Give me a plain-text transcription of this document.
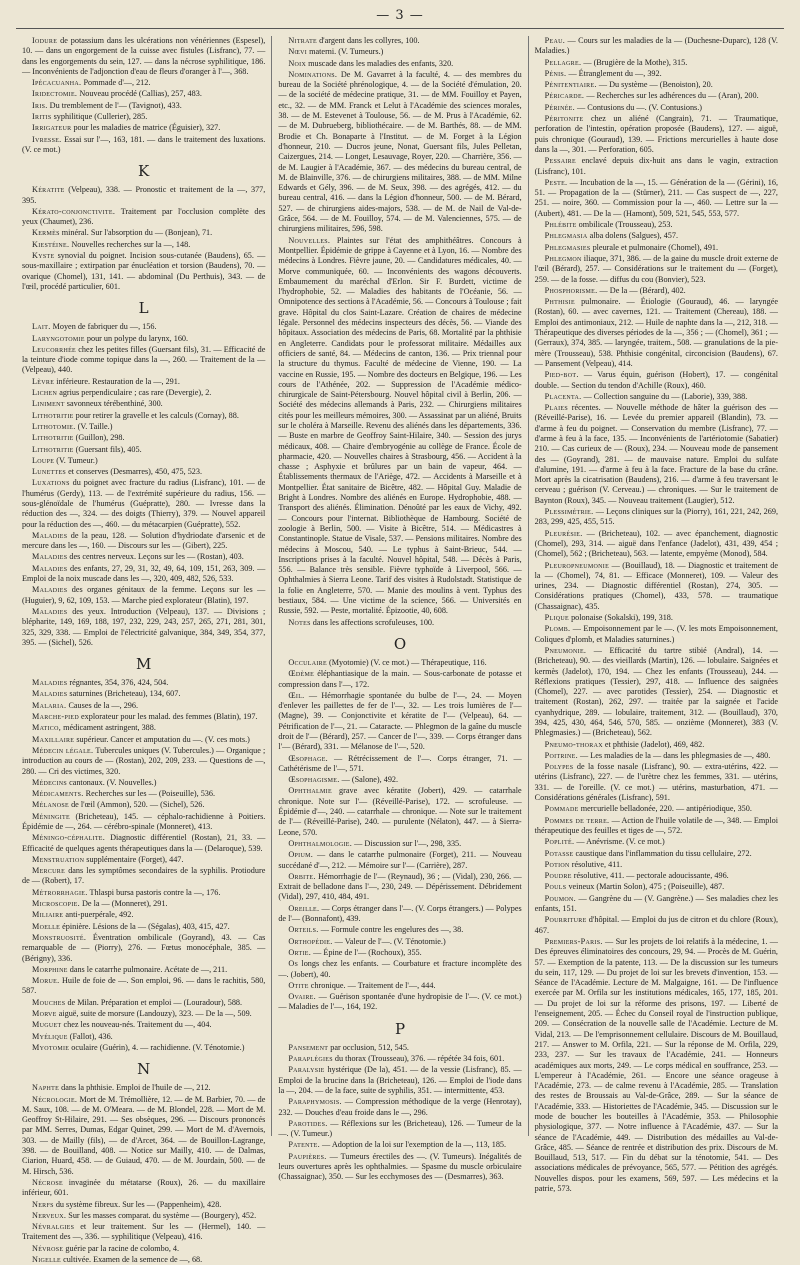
— 3 —

Iodure de potassium dans les ulcérations non vénériennes (Espesel), 10. — dans un engorgement de la cuisse avec fistules (Lisfranc), 77. — dans les engorgements du sein, 127. — dans la nécrose syphilitique, 186. — Inconvénients de l'adjonction d'eau de fleurs d'oranger à l'—, 368.

Ipécacuanha. Pommade d'—, 212.

Iridectomie. Nouveau procédé (Callias), 257, 483.

Iris. Du tremblement de l'— (Tavignot), 433.

Iritis syphilitique (Cullerier), 285.

Irrigateur pour les maladies de matrice (Éguisier), 327.

Ivresse. Essai sur l'—, 163, 181. — dans le traitement des luxations. (V. ce mot.)

K

Kératite (Velpeau), 338. — Pronostic et traitement de la —, 377, 395.

Kérato-conjonctivite. Traitement par l'occlusion complète des yeux (Chaumet), 236.

Kermès minéral. Sur l'absorption du — (Bonjean), 71.

Kiestéine. Nouvelles recherches sur la —, 148.

Kyste synovial du poignet. Incision sous-cutanée (Baudens), 65. — sous-maxillaire ; extirpation par énucléation et torsion (Baudens), 70. — ovarique (Chomel), 131, 141. — abdominal (Du Perthuis), 343. — de l'œil, procédé particulier, 601.

L

Lait. Moyen de fabriquer du —, 156.

Laryngotomie pour un polype du larynx, 160.

Leucorrhée chez les petites filles (Guersant fils), 31. — Efficacité de la teinture d'iode comme topique dans la —, 260. — Traitement de la — (Velpeau), 440.

Lèvre inférieure. Restauration de la —, 291.

Lichen agrius perpendiculaire ; cas rare (Devergie), 2.

Liniment savonneux térébenthiné, 300.

Lithotritie pour retirer la gravelle et les calculs (Cornay), 88.

Lithotomie. (V. Taille.)

Lithotritie (Guillon), 298.

Lithotritie (Guersant fils), 405.

Loupe (V. Tumeur.)

Lunettes et conserves (Desmarres), 450, 475, 523.

Luxations du poignet avec fracture du radius (Lisfranc), 101. — de l'humérus (Gerdy), 113. — de l'extrémité supérieure du radius, 156. — sous-glénoïdale de l'humérus (Guépratte), 280. — Ivresse dans la réduction des —, 324. — des doigts (Thierry), 379. — Nouvel appareil pour la réduction des —, 460. — du métacarpien (Guépratte), 552.

Maladies de la peau, 128. — Solution d'hydriodate d'arsenic et de mercure dans les —, 160. — Discours sur les — (Gibert), 225.

Maladies des centres nerveux. Leçons sur les — (Rostan), 403.

Maladies des enfants, 27, 29, 31, 32, 49, 64, 109, 151, 263, 309. — Emploi de la noix muscade dans les —, 320, 409, 482, 526, 533.

Maladies des organes génitaux de la femme. Leçons sur les — (Huguier), 9, 62, 109, 153. — Marche pied explorateur (Blatin), 197.

Maladies des yeux. Introduction (Velpeau), 137. — Divisions ; blépharite, 149, 169, 188, 197, 232, 229, 243, 257, 265, 271, 281, 301, 325, 329, 338. — Emploi de l'électricité galvanique, 384, 349, 354, 377, 395. — (Sichel), 526.

M

Maladies régnantes, 354, 376, 424, 504.

Maladies saturnines (Bricheteau), 134, 607.

Malaria. Causes de la —, 296.

Marche-pied explorateur pour les malad. des femmes (Blatin), 197.

Matico, médicament astringent, 388.

Maxillaire supérieur. Cancer et amputation du —. (V. ces mots.)

Médecin légale. Tubercules uniques (V. Tubercules.) — Organique ; introduction au cours de — (Rostan), 202, 209, 233. — Questions de —, 280. — Cri des victimes, 320.

Médecins cantonaux. (V. Nouvelles.)

Médicaments. Recherches sur les — (Poiseuille), 536.

Mélanose de l'œil (Ammon), 520. — (Sichel), 526.

Méningite (Bricheteau), 145. — céphalo-rachidienne à Poitiers. Épidémie de —, 264. — cérébro-spinale (Monneret), 413.

Méningo-céphalite. Diagnostic différentiel (Rostan), 21, 33. — Efficacité de quelques agents thérapeutiques dans la — (Delaroque), 539.

Menstruation supplémentaire (Forget), 447.

Mercure dans les symptômes secondaires de la syphilis. Protiodure de — (Robert), 17.

Métrorrhagie. Thlaspi bursa pastoris contre la —, 176.

Microscopie. De la — (Monneret), 291.

Miliaire anti-puerpérale, 492.

Moelle épinière. Lésions de la — (Ségalas), 403, 415, 427.

Monstruosité. Éventration ombilicale (Goyrand), 43. — Cas remarquable de — (Piorry), 276. — Fœtus monocéphale, 385. — (Bérigny), 336.

Morphine dans le catarrhe pulmonaire. Acétate de —, 211.

Morue. Huile de foie de —. Son emploi, 96. — dans le rachitis, 580, 587.

Mouches de Milan. Préparation et emploi — (Louradour), 588.

Morve aiguë, suite de morsure (Landouzy), 323. — De la —, 509.

Muguet chez les nouveau-nés. Traitement du —, 404.

Myélique (Fallot), 436.

Myotomie oculaire (Guérin), 4. — rachidienne. (V. Ténotomie.)

N

Naphte dans la phthisie. Emploi de l'huile de —, 212.

Nécrologie. Mort de M. Trémollière, 12. — de M. Barbier, 70. — de M. Saux, 108. — de M. O'Meara. — de M. Blondel, 228. — Mort de M. Geoffroy St-Hilaire, 291. — Ses obsèques, 296. — Discours prononcés par MM. Serres, Dumas, Edgar Quinet, 299. — Mort de M. d'Avernois, 303. — de Mailly (fils), — de d'Arcet, 364. — de Bouillon-Lagrange, 398. — de Bouilland, 408. — Notice sur Mailly, 410. — de Dalmas, Ciarion, Huard, 458. — de Guiaud, 470. — de M. Jourdain, 500. — de M. Hirsch, 536.

Nécrose invaginée du métatarse (Roux), 26. — du maxillaire inférieur, 601.

Nerfs du système fibreux. Sur les — (Pappenheim), 428.

Nerveux. Sur les masses comparat. du système — (Bourgery), 452.

Névralgies et leur traitement. Sur les — (Hermel), 140. — Traitement des —, 336. — syphilitique (Velpeau), 416.

Névrose guérie par la racine de colombo, 4.

Nigelle cultivée. Examen de la semence de —, 68.

Nitrate d'argent dans les collyres, 100.

Nœvi materni. (V. Tumeurs.)

Noix muscade dans les maladies des enfants, 320.

Nominations. De M. Gavarret à la faculté, 4. — des membres du bureau de la Société phrénologique, 4. — de la Société d'émulation, 20. — de la société de médecine pratique, 31. — de MM. Fouilloy et Payen, etc., 32. — de MM. Franck et Lelut à l'Académie des sciences morales, 38. — de M. Estevenet à Toulouse, 56. — de M. Prus à l'Académie, 62. — de M. Dubrueberg, bibliothécaire. — de M. Barthés, 88. — de MM. Brodie et Ch. Bonaparte à l'Institut. — de M. Forget à la Légion d'honneur, 210. — Ducros jeune, Nonat, Guersant fils, Jules Pelletan, Caizergues, 214. — Longet, Lesauvage, Royer, 220. — Charrière, 356. — de M. Laugier à l'Académie, 367. — des médecins du bureau central, de M. de Blainville, 376. — de chirurgiens militaires, 388. — de MM. Milne Edwards et Gély, 396. — de M. Seux, 398. — des agrégés, 412. — du bureau central, 416. — dans la Légion d'honneur, 500. — de M. Bérard, 527. — de chirurgiens aides-majors, 538. — de M. de Nail de Val-de-Grâce, 564. — de M. Fouilloy, 574. — de M. Valenciennes, 575. — de chirurgiens militaires, 596, 598.

Nouvelles. Plaintes sur l'état des amphithéâtres. Concours à Montpellier. Épidémie de grippe à Cayenne et à Lyon, 16. — Nombre des médecins à Londres. Fièvre jaune, 20. — Candidatures médicales, 40. — Morve communiquée, 60. — Inconvénients des wagons découverts. Embaumement du maréchal d'Erlon. Sir F. Burdett, victime de l'hydrophobie, 52. — Maladies des habitants de l'Océanie, 56. — Omnipotence des sections à l'Académie, 56. — Concours à Toulouse ; fait grave. Hôpital du clos Saint-Lazare. Création de chaires de médecine légale. Personnel des médecins inspecteurs des décès, 56. — Viande des hôpitaux. Association des médecins de Paris, 68. Mortalité par la phthisie en Angleterre. Candidats pour le professorat militaire. Médailles aux officiers de santé, 84. — Médecins de canton, 136. — Prix triennal pour la structure du thymus. Faculté de médecine de Vienne, 190. — La vaccine en Russie, 195. — Nombre des docteurs en Belgique, 196. — Les cours de l'Athénée, 202. — Suppression de l'Académie médico-chirurgicale de Saint-Pétersbourg. Nouvel hôpital civil à Berlin, 206. — Société des médecins allemands à Paris, 232. — Chirurgiens militaires cités pour les meilleurs mémoires, 300. — Assassinat par un aliéné, Bruits sur le choléra à Marseille. Revenu des aliénés dans les départements, 336. — Buste en marbre de Geoffroy Saint-Hilaire, 340. — Session des jurys médicaux, 408. — Chaire d'embryogénie au collège de France. École de pharmacie, 420. — Nouvelles chaires à Strasbourg, 456. — Accident à la chasse ; Asphyxie et brûlures par un bain de vapeur, 464. — Établissements thermaux de l'Ariège, 472. — Accidents à Marseille et à Montpellier. État sanitaire de Bicêtre, 482. — Hôpital Guy. Maladie de Bright à Londres. Nombre des aliénés en Europe. Hydrophobie, 488. — Transport des aliénés. Élimination. Dénoûté par les eaux de Vichy, 492. — Concours pour l'internat. Bibliothèque de Hambourg. Société de zoologie à Berlin, 500. — Visite à Bicêtre, 514. — Médicastres à Constantinople. Statue de Visale, 537. — Pensions militaires. Nombre des médecins à Moscou, 540. — Le typhus à Saint-Brieuc, 544. — Inscriptions prises à la faculté. Nouvel hôpital, 548. — Décès à Paris, 556. — Balance très sensible. Fièvre typhoïde à Liverpool, 566. — Ophthalmies à Sierra Leone. Tarif des visites à Rudolstadt. Statistique de la folie en Angleterre, 570. — Manie des moulins à vent. Typhus des bestiaux, 584. — Une victime de la science, 566. — Universités en Russie, 592. — Peste, mortalité. Épizootie, 40, 608.

Notes dans les affections scrofuleuses, 100.

O

Occulaire (Myotomie) (V. ce mot.) — Thérapeutique, 116.

Œdème éléphantiasique de la main. — Sous-carbonate de potasse et compression dans l'—, 172.

Œil. — Hémorrhagie spontanée du bulbe de l'—, 24. — Moyen d'enlever les paillettes de fer de l'—, 32. — Les trois lumières de l'— (Magne), 39. — Conjonctivite et kératite de l'— (Velpeau), 64. — Pétrification de l'—, 21. — Cataracte. — Phlegmon de la gaîne du muscle droit de l'— (Bérard), 257. — Cancer de l'—, 339. — Corps étranger dans l'— (Bérard), 331. — Mélanose de l'—, 520.

Œsophage. — Rétrécissement de l'—. Corps étranger, 71. — Cathétérisme de l'—, 571.

Œsophagisme. — (Salone), 492.

Ophthalmie grave avec kératite (Jobert), 429. — catarrhale chronique. Note sur l'— (Réveillé-Parise), 172. — scrofuleuse. — Épidémie d'—, 240. — catarrhale — chronique. — Note sur le traitement de l'— (Réveillé-Parise), 240. — purulente (Nélaton), 447. — à Sierra-Leone, 570.

Ophthalmologie. — Discussion sur l'—, 298, 335.

Opium. — dans le catarrhe pulmonaire (Forget), 211. — Nouveau succédané d'—, 212. — Mémoire sur l'— (Carrière), 287.

Orbite. Hémorrhagie de l'— (Reynaud), 36 ; — (Vidal), 230, 266. — Extrait de belladone dans l'—, 230, 249. — Dépérissement. Débridement (Vidal), 297, 410, 484, 491.

Oreille. — Corps étranger dans l'—. (V. Corps étrangers.) — Polypes de l'— (Bonnafont), 439.

Orteils. — Formule contre les engelures des —, 38.

Orthopédie. — Valeur de l'—. (V. Ténotomie.)

Ortie. — Épine de l'— (Rochoux), 355.

Os longs chez les enfants. — Courbature et fracture incomplète des —. (Jobert), 40.

Otite chronique. — Traitement de l'—, 444.

Ovaire. — Guérison spontanée d'une hydropisie de l'—. (V. ce mot.) — Maladies de l'—, 164, 192.

P

Pansement par occlusion, 512, 545.

Paraplégies du thorax (Trousseau), 376. — répétée 34 fois, 601.

Paralysie hystérique (De la), 451. — de la vessie (Lisfranc), 85. — Emploi de la brucine dans la (Bricheteau), 126. — Emploi de l'iode dans la —, 204. — de la face, suite de syphilis, 351. — intermittente, 453.

Paraphymosis. — Compression méthodique de la verge (Henrotay), 232. — Douches d'eau froide dans le —, 296.

Parotides. — Réflexions sur les (Bricheteau), 126. — Tumeur de la —. (V. Tumeur.)

Patente. — Adoption de la loi sur l'exemption de la —, 113, 185.

Paupières. — Tumeurs érectiles des —. (V. Tumeurs). Inégalités de leurs ouvertures après les ophthalmies. — Spasme du muscle orbiculaire (Chassaignac), 350. — Sur les ecchymoses des — (Desmarres), 363.

Peau. — Cours sur les maladies de la — (Duchesne-Duparc), 128 (V. Maladies.)

Pellagre. — (Brugière de la Mothe), 315.

Pénis. — Étranglement du —, 392.

Pénitentiaire. — Du système — (Benoiston), 20.

Péricarde. — Recherches sur les adhérences du — (Aran), 200.

Périnée. — Contusions du —. (V. Contusions.)

Péritonite chez un aliéné (Cangrain), 71. — Traumatique, perforation de l'intestin, opération proposée (Baudens), 127. — aiguë, puis chronique (Gouraud), 139. — Frictions mercurielles à haute dose dans la —, 301. — Perforation, 605.

Pessaire enclavé depuis dix-huit ans dans le vagin, extraction (Lisfranc), 101.

Peste. — Incubation de la —, 15. — Génération de la — (Gérini), 16, 51. — Propagation de la — (Stürner), 211. — Cas suspect de —, 227, 251. — noire, 360. — Commission pour la —, 460. — Lettre sur la — (Aubert), 481. — De la — (Hamont), 509, 521, 545, 553, 577.

Phlébite ombilicale (Trousseau), 253.

Phlegmasia alba dolens (Salgues), 457.

Phlegmasies pleurale et pulmonaire (Chomel), 491.

Phlegmon iliaque, 371, 386. — de la gaine du muscle droit externe de l'œil (Bérard), 257. — Considérations sur le traitement du — (Forget), 259. — de la fosse. — diffus du cou (Bonvier), 523.

Phosphorisme. — De la — (Bérard), 402.

Phthisie pulmonaire. — Étiologie (Gouraud), 46. — laryngée (Rostan), 60. — avec cavernes, 121. — Traitement (Chereau), 188. — Emploi des antimoniaux, 212. — Huile de naphte dans la —, 212, 318. — Thérapeutique des diverses périodes de la —, 356 ; — (Chomel), 361 ; — (Gerraux), 374, 385. — laryngée, traitem., 508. — granulations de la pie-mère (Trousseau), 538. Phthisie congénital, circoncision (Baudens), 67. — Pansement (Velpeau), 414.

Pied-bot. — Varus équin, guérison (Hobert), 17. — congénital double. — Section du tendon d'Achille (Roux), 460.

Placenta. — Collection sanguine du — (Laborie), 339, 388.

Plaies récentes. — Nouvelle méthode de hâter la guérison des — (Réveillé-Parise), 16. — Levée du premier appareil (Blandin), 73. — d'arme à feu du poignet. — Conservation du membre (Lisfranc), 77. — d'arme à feu à la face, 135. — Inconvénients de l'artériotomie (Sabatier) 210. — Cas curieux de — (Roux), 234. — Nouveau mode de pansement des — (Goyrand), 281. — de mauvaise nature. Emploi du sulfate d'alumine, 191. — d'arme à feu à la face. Fracture de la base du crâne. Mort après la cicatrisation (Baudens), 216. — d'arme à feu traversant le cerveau ; guérison (V. Cerveau.) — chroniques. — Sur le traitement de Baynton (Roux), 345. — Nouveau traitement (Laugier), 512.

Plessimétrie. — Leçons cliniques sur la (Piorry), 161, 221, 242, 269, 283, 299, 425, 455, 515.

Pleurésie. — (Bricheteau), 102. — avec épanchement, diagnostic (Chomel), 293, 314. — aiguë dans l'enfance (Jadelot), 431, 439, 454 ; (Chomel), 562 ; (Bricheteau), 563. — latente, empyème (Monod), 584.

Pleuropneumonie — (Bouillaud), 18. — Diagnostic et traitement de la — (Chomel), 74, 81. — Efficace (Monneret), 109. — Valeur des urines, 234. — Diagnostic différentiel (Rostan), 274, 305. — Considérations pratiques (Chomel), 433, 578. — traumatique (Chassaignac), 435.

Plique polonaise (Sokalski), 199, 318.

Plomb. — Empoisonnement par le —. (V. les mots Empoisonnement, Coliques d'plomb, et Maladies saturnines.)

Pneumonie. — Efficacité du tartre stibié (Andral), 14. — (Bricheteau), 90. — des vieillards (Martin), 126. — lobulaire. Saignées et kermès (Jadelot), 170, 194. — Chez les enfants (Trousseau), 244. — Réflexions pratiques (Tessier), 297, 418. — Influence des saignées (Chomel), 227. — avec parotides (Tessier), 254. — Diagnostic et traitement (Rostan), 262, 297. — traitée par la saignée et l'acide cyanhydrique, 289. — lobulaire, traitement, 312. — (Bouillaud), 370, 394, 425, 430, 464, 546, 570, 585. — onzième (Monneret), 383 (V. Phlegmasies.) — (Bricheteau), 562.

Pneumo-thorax et phthisie (Jadelot), 469, 482.

Poitrine. — Les maladies de la — dans les phlegmasies de —, 480.

Polypes de la fosse nasale (Lisfranc), 90. — extra-utérins, 422. — utérins (Lisfranc), 227. — de l'urètre chez les femmes, 331. — utérins, 331. — de l'oreille. (V. ce mot.) — utérins, masturbation, 471. — Considérations générales (Lisfranc), 591.

Pommade mercurielle belladonée, 220. — antipériodique, 350.

Pommes de terre. — Action de l'huile volatile de —, 348. — Emploi thérapeutique des feuilles et tiges de —, 572.

Poplité. — Anévrisme. (V. ce mot.)

Potasse caustique dans l'inflammation du tissu cellulaire, 272.

Potion résolutive, 411.

Poudre résolutive, 411. — pectorale adoucissante, 496.

Pouls veineux (Martin Solon), 475 ; (Poiseuille), 487.

Poumon. — Gangrène du — (V. Gangrène.) — Ses maladies chez les enfants, 151.

Pourriture d'hôpital. — Emploi du jus de citron et du chlore (Roux), 467.

Premiers-Paris. — Sur les projets de loi relatifs à la médecine, 1. — Des épreuves éliminatoires des concours, 29, 94. — Procès de M. Guérin, 57. — Exemption de la patente, 113. — De la discussion sur les tumeurs du sein, 117, 129. — Du projet de loi sur les brevets d'invention, 153. — Séance de l'Académie. Lecture de M. Malgaigne, 161. — De l'influence exercée par M. Orfila sur les institutions médicales, 165, 177, 185, 201. — Du projet de loi sur la réforme des prisons, 197. — Liberté de l'enseignement, 205. — Échec du Conseil royal de l'instruction publique, 209. — Consécration de la nouvelle salle de l'Académie. Lecture de M. Vidal, 213. — De l'emprisonnement cellulaire. Discours de M. Bouillaud, 217. — Answer to M. Orfila, 221. — Sur la réponse de M. Orfila, 229, 233, 237. — Sur les travaux de l'Académie, 241. — Honneurs académiques aux morts, 249. — Le corps médical en souffrance, 253. — L'empereur à l'Académie, 261. — Encore une séance orageuse à l'Académie, 273. — de calme revenu à l'Académie, 285. — Translation des restes de Broussais au Val-de-Grâce, 289. — Sur la séance de l'Académie, 333. — Historiettes de l'Académie, 345. — Discussion sur le mode de boucher les bouteilles à l'Académie, 353. — Philosophie physiologique, 377. — Notre influence à l'Académie, 437. — Sur la séance de l'Académie, 449. — Distribution des médailles au Val-de-Grâce, 485. — Séance de rentrée et distribution des prix. Discours de M. Bouillaud, 513, 517. — Fin du débat sur la ténotomie, 541. — Des associations médicales de prévoyance, 565, 577. — Pétition des agrégés. Nouvelles dispos. pour les examens, 569, 597. — Les médecins et la patrie, 573.
